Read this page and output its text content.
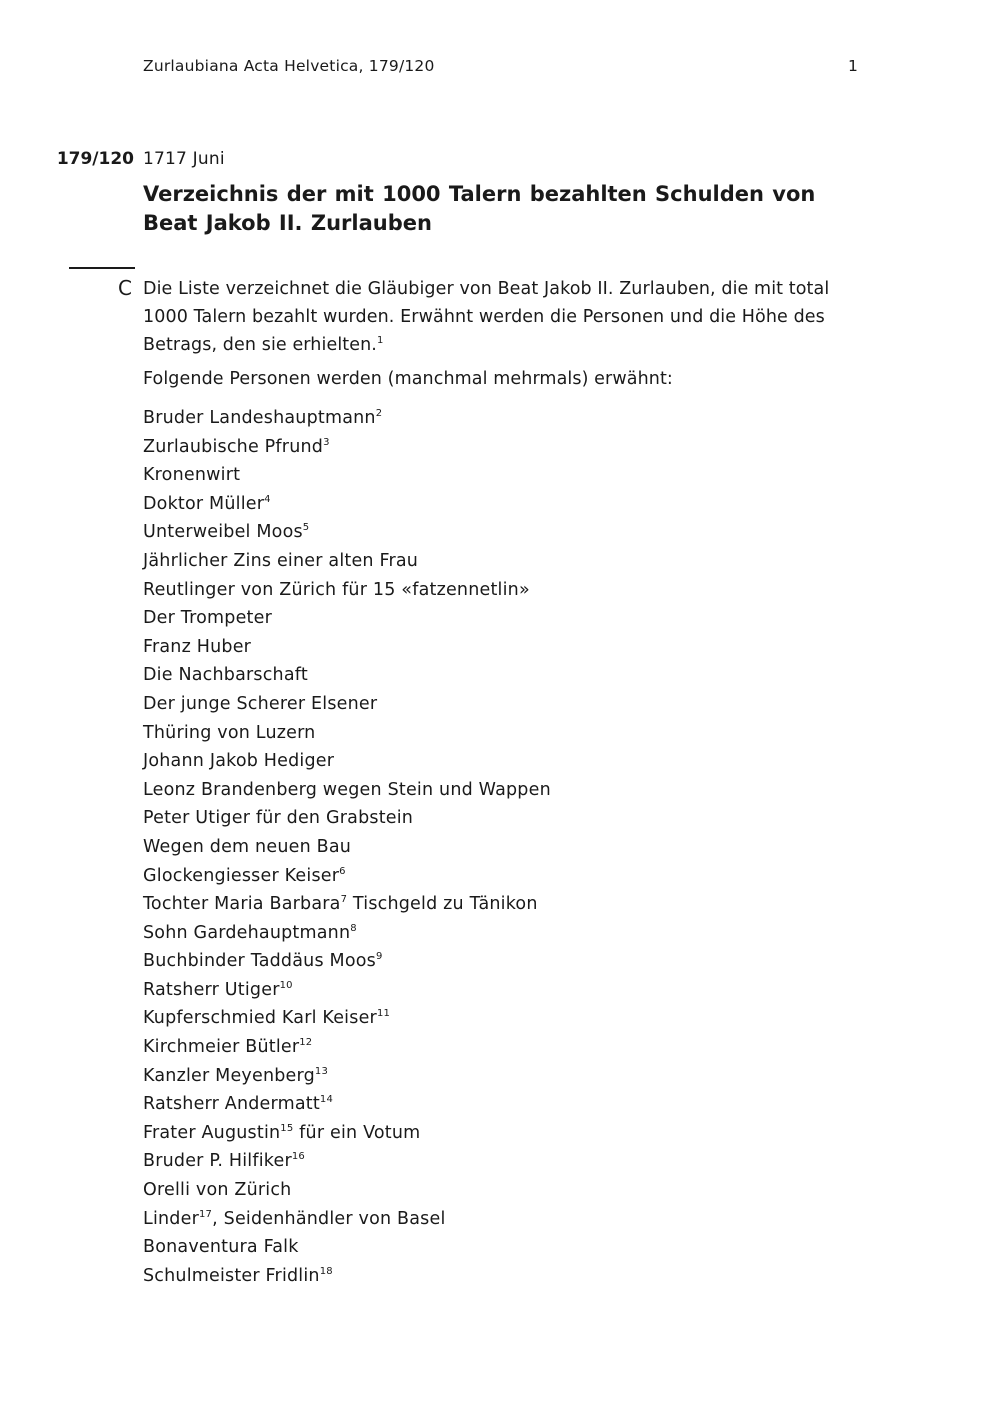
Zurlaubiana Acta Helvetica, 179/120	1
179/120 1717 Juni
Verzeichnis der mit 1000 Talern bezahlten Schulden von Beat Jakob II. Zurlauben
C Die Liste verzeichnet die Gläubiger von Beat Jakob II. Zurlauben, die mit total 1000 Talern bezahlt wurden. Erwähnt werden die Personen und die Höhe des Betrags, den sie erhielten.$^1$

Folgende Personen werden (manchmal mehrmals) erwähnt:

Bruder Landeshauptmann$^2$
Zurlaubische Pfrund$^3$
Kronenwirt
Doktor Müller$^4$
Unterweibel Moos$^5$
Jährlicher Zins einer alten Frau
Reutlinger von Zürich für 15 «fatzennetlin»
Der Trompeter
Franz Huber
Die Nachbarschaft
Der junge Scherer Elsener
Thüring von Luzern
Johann Jakob Hediger
Leonz Brandenberg wegen Stein und Wappen
Peter Utiger für den Grabstein
Wegen dem neuen Bau
Glockengiesser Keiser$^6$
Tochter Maria Barbara$^7$ Tischgeld zu Tänikon
Sohn Gardehauptmann$^8$
Buchbinder Taddäus Moos$^9$
Ratsherr Utiger$^{10}$
Kupferschmied Karl Keiser$^{11}$
Kirchmeier Bütler$^{12}$
Kanzler Meyenberg$^{13}$
Ratsherr Andermatt$^{14}$
Frater Augustin$^{15}$ für ein Votum
Bruder P. Hilfiker$^{16}$
Orelli von Zürich
Linder$^{17}$, Seidenhändler von Basel
Bonaventura Falk
Schulmeister Fridlin$^{18}$
